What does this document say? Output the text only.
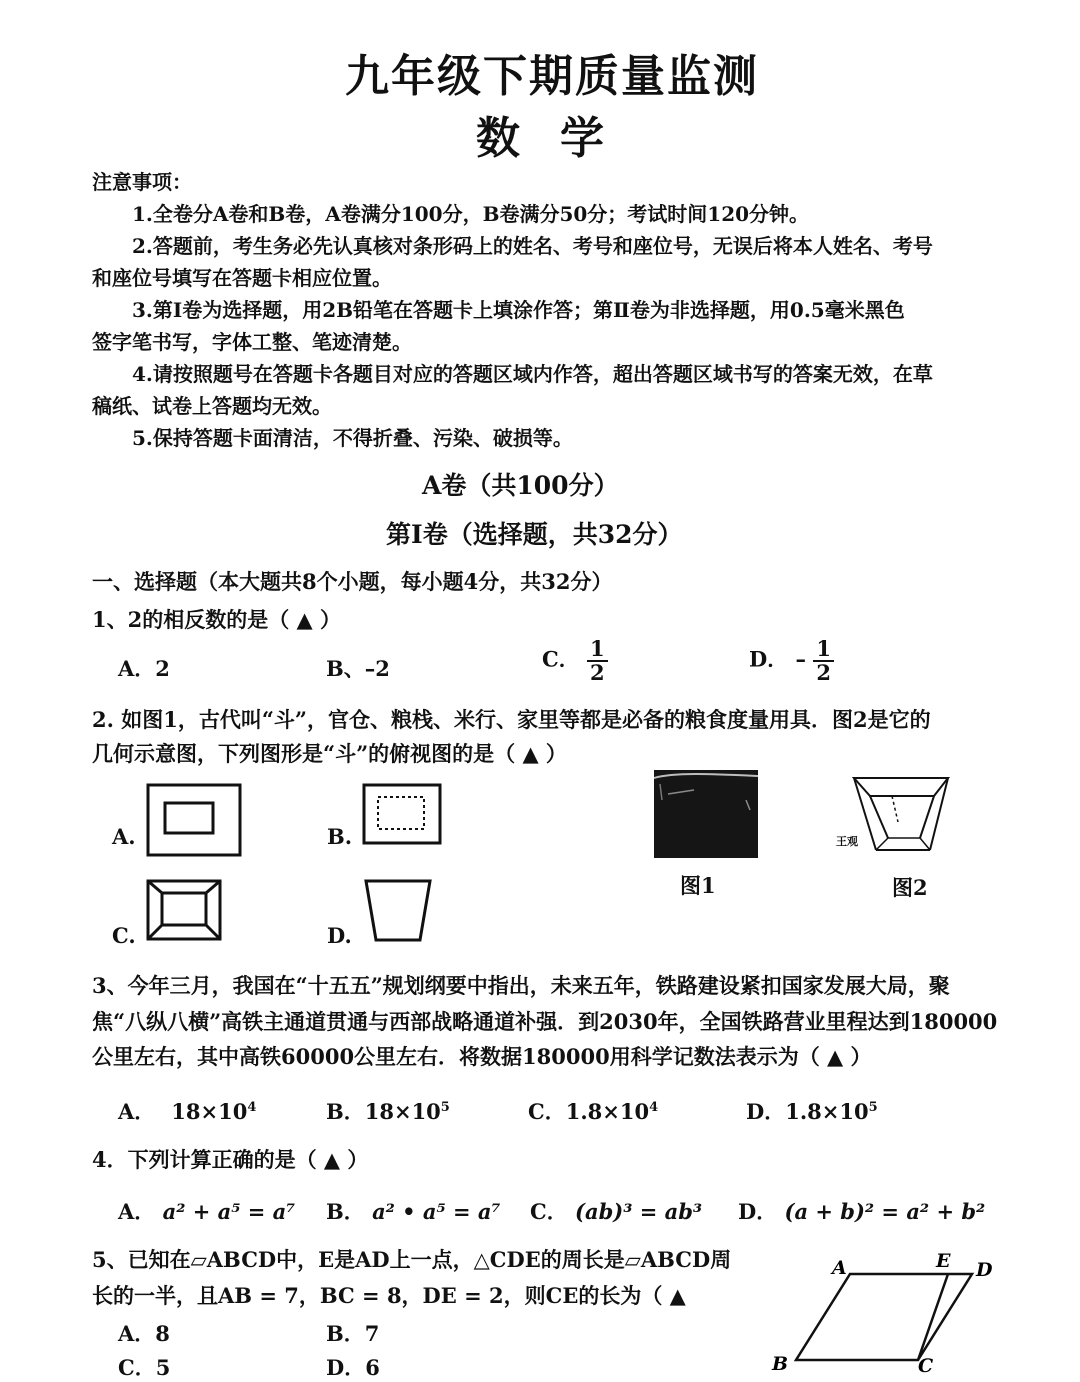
九年级下期质量监测
数学
注意事项：
1.全卷分A卷和B卷，A卷满分100分，B卷满分50分；考试时间120分钟。
2.答题前，考生务必先认真核对条形码上的姓名、考号和座位号，无误后将本人姓名、考号
和座位号填写在答题卡相应位置。
3.第Ⅰ卷为选择题，用2B铅笔在答题卡上填涂作答；第Ⅱ卷为非选择题，用0.5毫米黑色
签字笔书写，字体工整、笔迹清楚。
4.请按照题号在答题卡各题目对应的答题区域内作答，超出答题区域书写的答案无效，在草
稿纸、试卷上答题均无效。
5.保持答题卡面清洁，不得折叠、污染、破损等。
A卷（共100分）
第Ⅰ卷（选择题，共32分）
一、选择题（本大题共8个小题，每小题4分，共32分）
1、2的相反数的是（ ▲ ）
A．2	B、–2	C． $\frac{1}{2}$	D． – $\frac{1}{2}$
2. 如图1，古代叫“斗”，官仓、粮栈、米行、家里等都是必备的粮食度量用具．图2是它的
几何示意图，下列图形是“斗”的俯视图的是（ ▲ ）
A.	B.
C.	D.
图1
王观
图2
3、今年三月，我国在“十五五”规划纲要中指出，未来五年，铁路建设紧扣国家发展大局，聚
焦“八纵八横”高铁主通道贯通与西部战略通道补强．到2030年，全国铁路营业里程达到180000
公里左右，其中高铁60000公里左右．将数据180000用科学记数法表示为（ ▲ ）
A． $18\times 10^4$	B．$18\times 10^5$	C．$1.8\times 10^4$	D．$1.8\times 10^5$
4．下列计算正确的是（ ▲ ）
A． a² + a⁵ = a⁷ B． a² • a⁵ = a⁷ C． (ab)³ = ab³ D． (a + b)² = a² + b²
5、已知在▱ABCD中，E是AD上一点，△CDE的周长是▱ABCD周
长的一半，且AB = 7，BC = 8，DE = 2，则CE的长为（ ▲
A．8	B．7
C．5	D．6
A	E D
B	C
